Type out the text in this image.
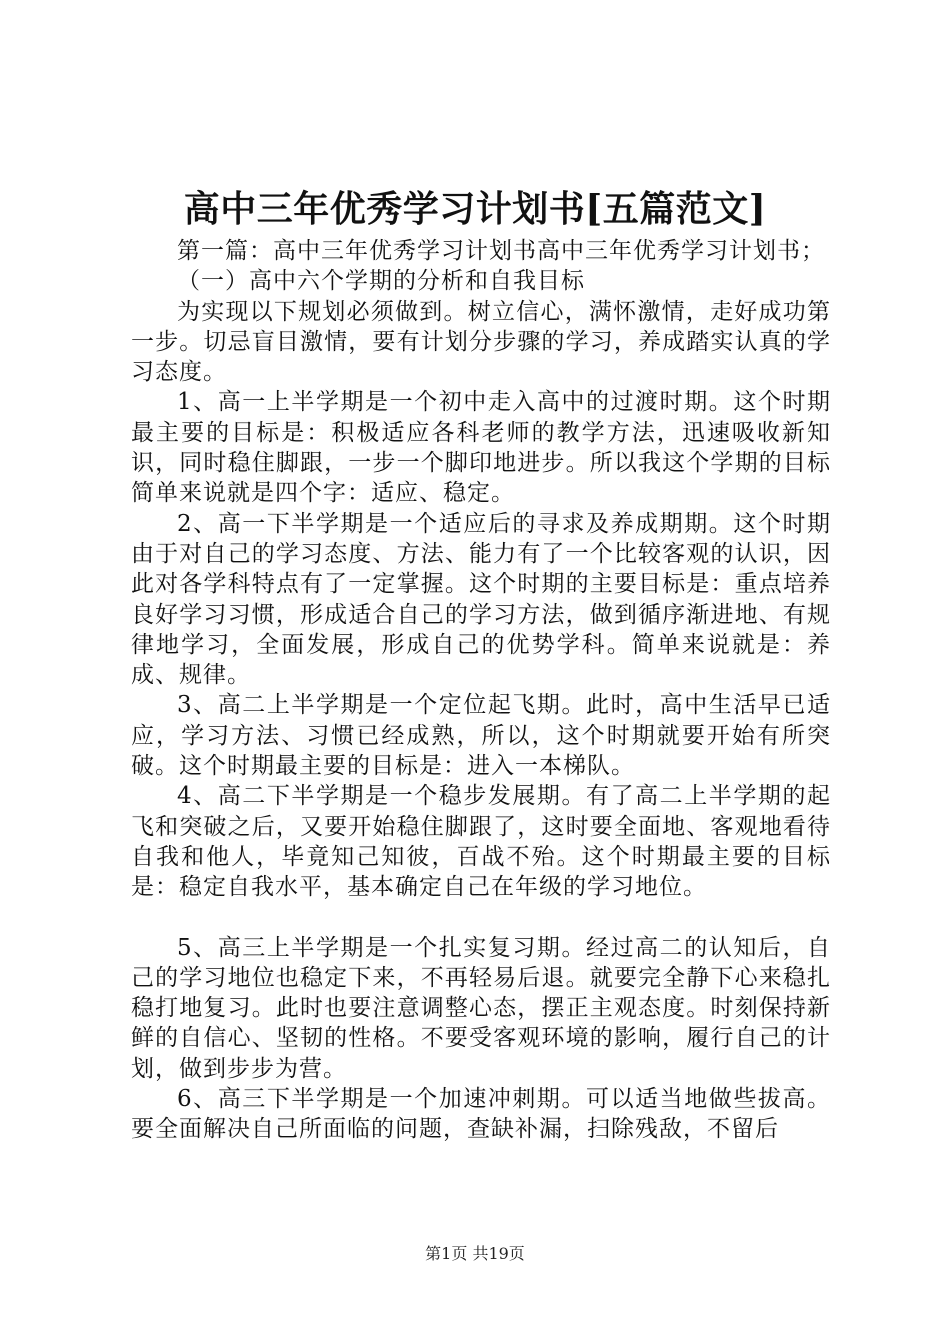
高中三年优秀学习计划书[五篇范文]

第一篇：高中三年优秀学习计划书高中三年优秀学习计划书；

（一）高中六个学期的分析和自我目标

为实现以下规划必须做到。树立信心，满怀激情，走好成功第一步。切忌盲目激情，要有计划分步骤的学习，养成踏实认真的学习态度。

1、高一上半学期是一个初中走入高中的过渡时期。这个时期最主要的目标是：积极适应各科老师的教学方法，迅速吸收新知识，同时稳住脚跟，一步一个脚印地进步。所以我这个学期的目标简单来说就是四个字：适应、稳定。

2、高一下半学期是一个适应后的寻求及养成期期。这个时期由于对自己的学习态度、方法、能力有了一个比较客观的认识，因此对各学科特点有了一定掌握。这个时期的主要目标是：重点培养良好学习习惯，形成适合自己的学习方法，做到循序渐进地、有规律地学习，全面发展，形成自己的优势学科。简单来说就是：养成、规律。

3、高二上半学期是一个定位起飞期。此时，高中生活早已适应，学习方法、习惯已经成熟，所以，这个时期就要开始有所突破。这个时期最主要的目标是：进入一本梯队。

4、高二下半学期是一个稳步发展期。有了高二上半学期的起飞和突破之后，又要开始稳住脚跟了，这时要全面地、客观地看待自我和他人，毕竟知己知彼，百战不殆。这个时期最主要的目标是：稳定自我水平，基本确定自己在年级的学习地位。

5、高三上半学期是一个扎实复习期。经过高二的认知后，自己的学习地位也稳定下来，不再轻易后退。就要完全静下心来稳扎稳打地复习。此时也要注意调整心态，摆正主观态度。时刻保持新鲜的自信心、坚韧的性格。不要受客观环境的影响，履行自己的计划，做到步步为营。

6、高三下半学期是一个加速冲刺期。可以适当地做些拔高。要全面解决自己所面临的问题，查缺补漏，扫除残敌，不留后

第1页 共19页
